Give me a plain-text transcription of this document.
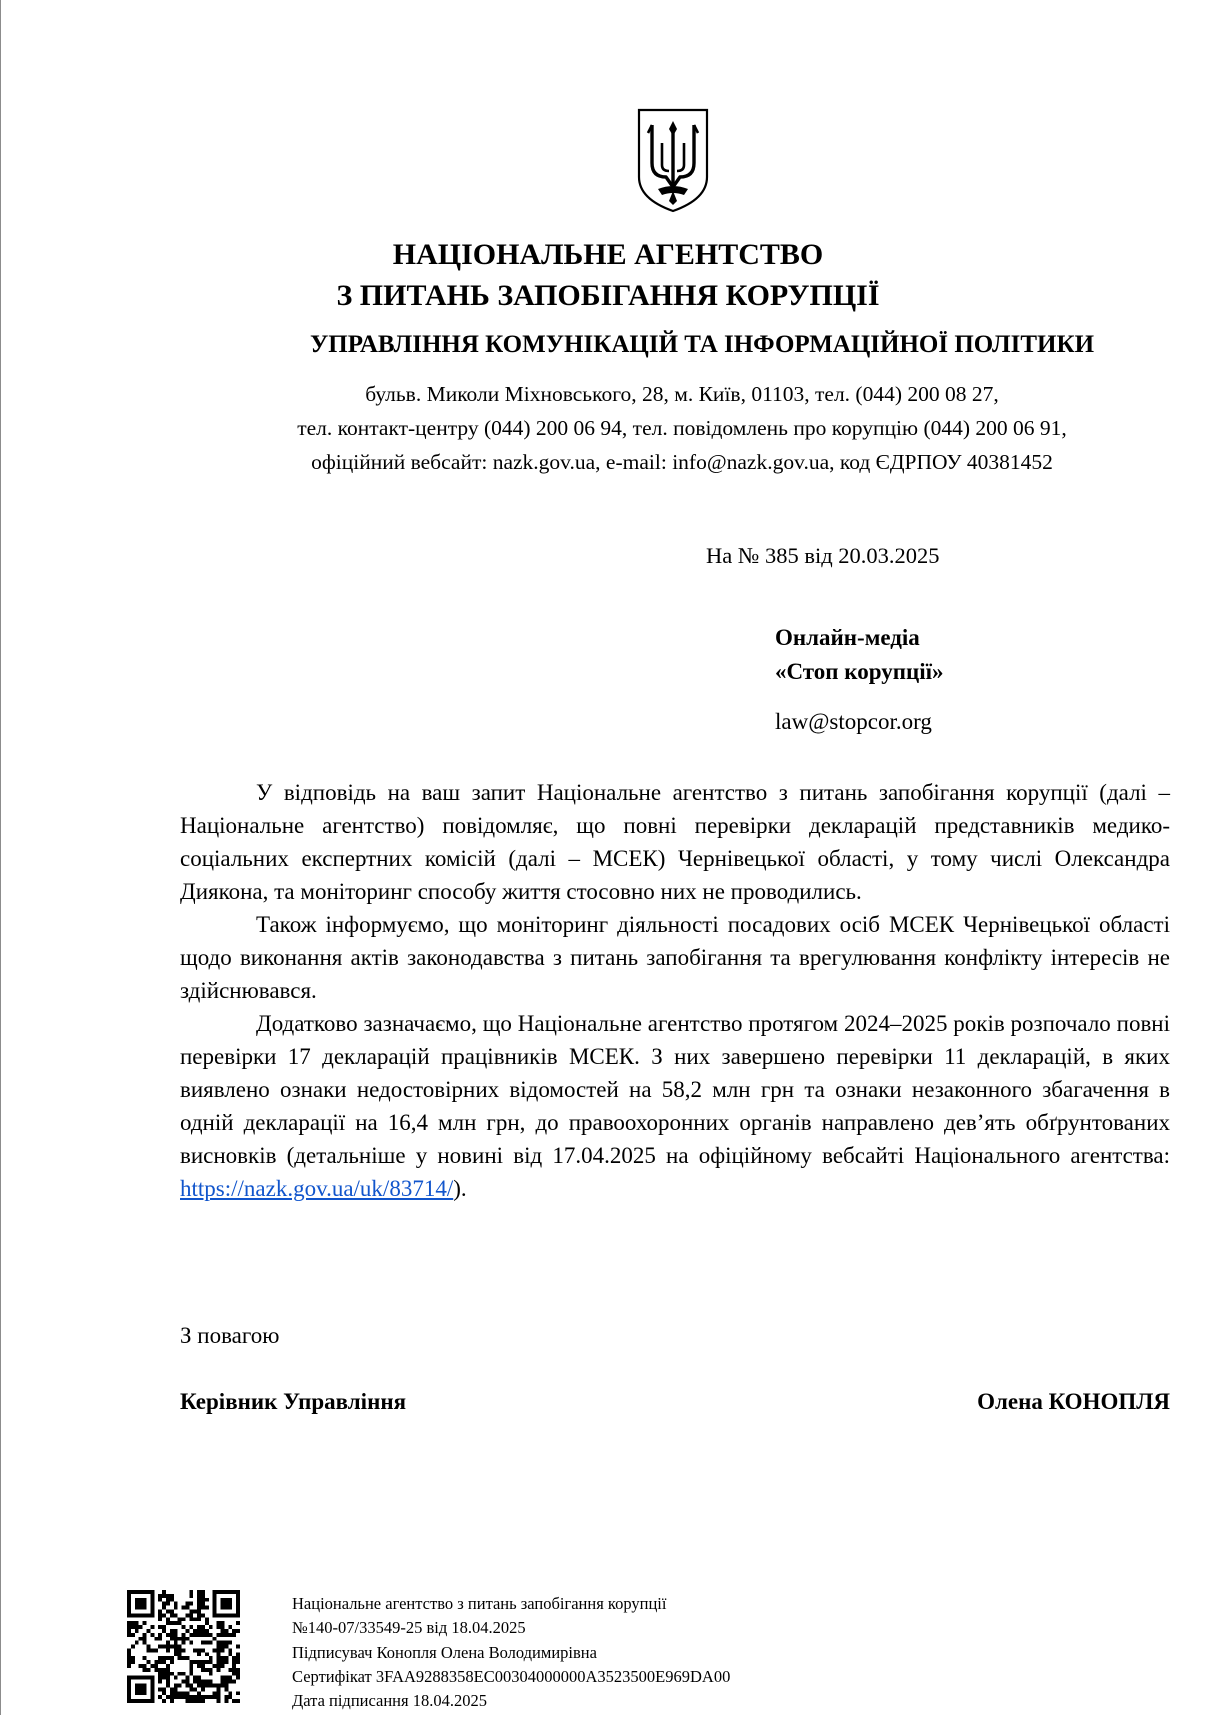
НАЦІОНАЛЬНЕ АГЕНТСТВО
З ПИТАНЬ ЗАПОБІГАННЯ КОРУПЦІЇ
УПРАВЛІННЯ КОМУНІКАЦІЙ ТА ІНФОРМАЦІЙНОЇ ПОЛІТИКИ
бульв. Миколи Міхновського, 28, м. Київ, 01103, тел. (044) 200 08 27,
тел. контакт-центру (044) 200 06 94, тел. повідомлень про корупцію (044) 200 06 91,
офіційний вебсайт: nazk.gov.ua, e-mail: info@nazk.gov.ua, код ЄДРПОУ 40381452
На № 385 від 20.03.2025
Онлайн-медіа
«Стоп корупції»
law@stopcor.org

У відповідь на ваш запит Національне агентство з питань запобігання корупції (далі – Національне агентство) повідомляє, що повні перевірки декларацій представників медико-соціальних експертних комісій (далі – МСЕК) Чернівецької області, у тому числі Олександра Диякона, та моніторинг способу життя стосовно них не проводились.

Також інформуємо, що моніторинг діяльності посадових осіб МСЕК Чернівецької області щодо виконання актів законодавства з питань запобігання та врегулювання конфлікту інтересів не здійснювався.

Додатково зазначаємо, що Національне агентство протягом 2024–2025 років розпочало повні перевірки 17 декларацій працівників МСЕК. З них завершено перевірки 11 декларацій, в яких виявлено ознаки недостовірних відомостей на 58,2 млн грн та ознаки незаконного збагачення в одній декларації на 16,4 млн грн, до правоохоронних органів направлено дев’ять обґрунтованих висновків (детальніше у новині від 17.04.2025 на офіційному вебсайті Національного агентства: https://nazk.gov.ua/uk/83714/).

З повагою
Керівник Управління	Олена КОНОПЛЯ
Національне агентство з питань запобігання корупції
№140-07/33549-25 від 18.04.2025
Підписувач Конопля Олена Володимирівна
Сертифікат 3FAA9288358EC00304000000A3523500E969DA00
Дата підписання 18.04.2025
